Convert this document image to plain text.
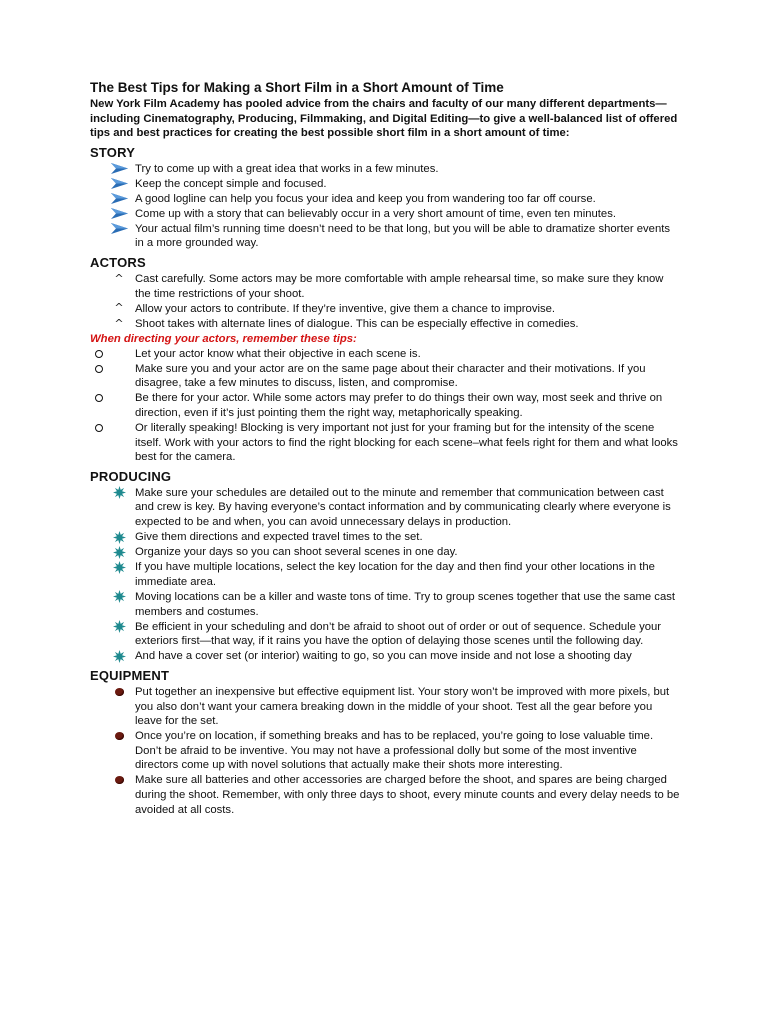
The Best Tips for Making a Short Film in a Short Amount of Time

New York Film Academy has pooled advice from the chairs and faculty of our many different departments—including Cinematography, Producing, Filmmaking, and Digital Editing—to give a well-balanced list of offered tips and best practices for creating the best possible short film in a short amount of time:

STORY
Try to come up with a great idea that works in a few minutes.
Keep the concept simple and focused.
A good logline can help you focus your idea and keep you from wandering too far off course.
Come up with a story that can believably occur in a very short amount of time, even ten minutes.
Your actual film’s running time doesn’t need to be that long, but you will be able to dramatize shorter events in a more grounded way.
ACTORS
^	Cast carefully. Some actors may be more comfortable with ample rehearsal time, so make sure they know the time restrictions of your shoot.
^	Allow your actors to contribute. If they’re inventive, give them a chance to improvise.
^	Shoot takes with alternate lines of dialogue. This can be especially effective in comedies.

When directing your actors, remember these tips:

Let your actor know what their objective in each scene is.
Make sure you and your actor are on the same page about their character and their motivations. If you disagree, take a few minutes to discuss, listen, and compromise.
Be there for your actor. While some actors may prefer to do things their own way, most seek and thrive on direction, even if it’s just pointing them the right way, metaphorically speaking.
Or literally speaking! Blocking is very important not just for your framing but for the intensity of the scene itself. Work with your actors to find the right blocking for each scene–what feels right for them and what looks best for the camera.
PRODUCING
Make sure your schedules are detailed out to the minute and remember that communication between cast and crew is key. By having everyone’s contact information and by communicating clearly where everyone is expected to be and when, you can avoid unnecessary delays in production.
Give them directions and expected travel times to the set.
Organize your days so you can shoot several scenes in one day.
If you have multiple locations, select the key location for the day and then find your other locations in the immediate area.
Moving locations can be a killer and waste tons of time. Try to group scenes together that use the same cast members and costumes.
Be efficient in your scheduling and don’t be afraid to shoot out of order or out of sequence. Schedule your exteriors first—that way, if it rains you have the option of delaying those scenes until the following day.
And have a cover set (or interior) waiting to go, so you can move inside and not lose a shooting day
EQUIPMENT
Put together an inexpensive but effective equipment list. Your story won’t be improved with more pixels, but you also don’t want your camera breaking down in the middle of your shoot. Test all the gear before you leave for the set.
Once you’re on location, if something breaks and has to be replaced, you’re going to lose valuable time. Don’t be afraid to be inventive. You may not have a professional dolly but some of the most inventive directors come up with novel solutions that actually make their shots more interesting.
Make sure all batteries and other accessories are charged before the shoot, and spares are being charged during the shoot. Remember, with only three days to shoot, every minute counts and every delay needs to be avoided at all costs.
